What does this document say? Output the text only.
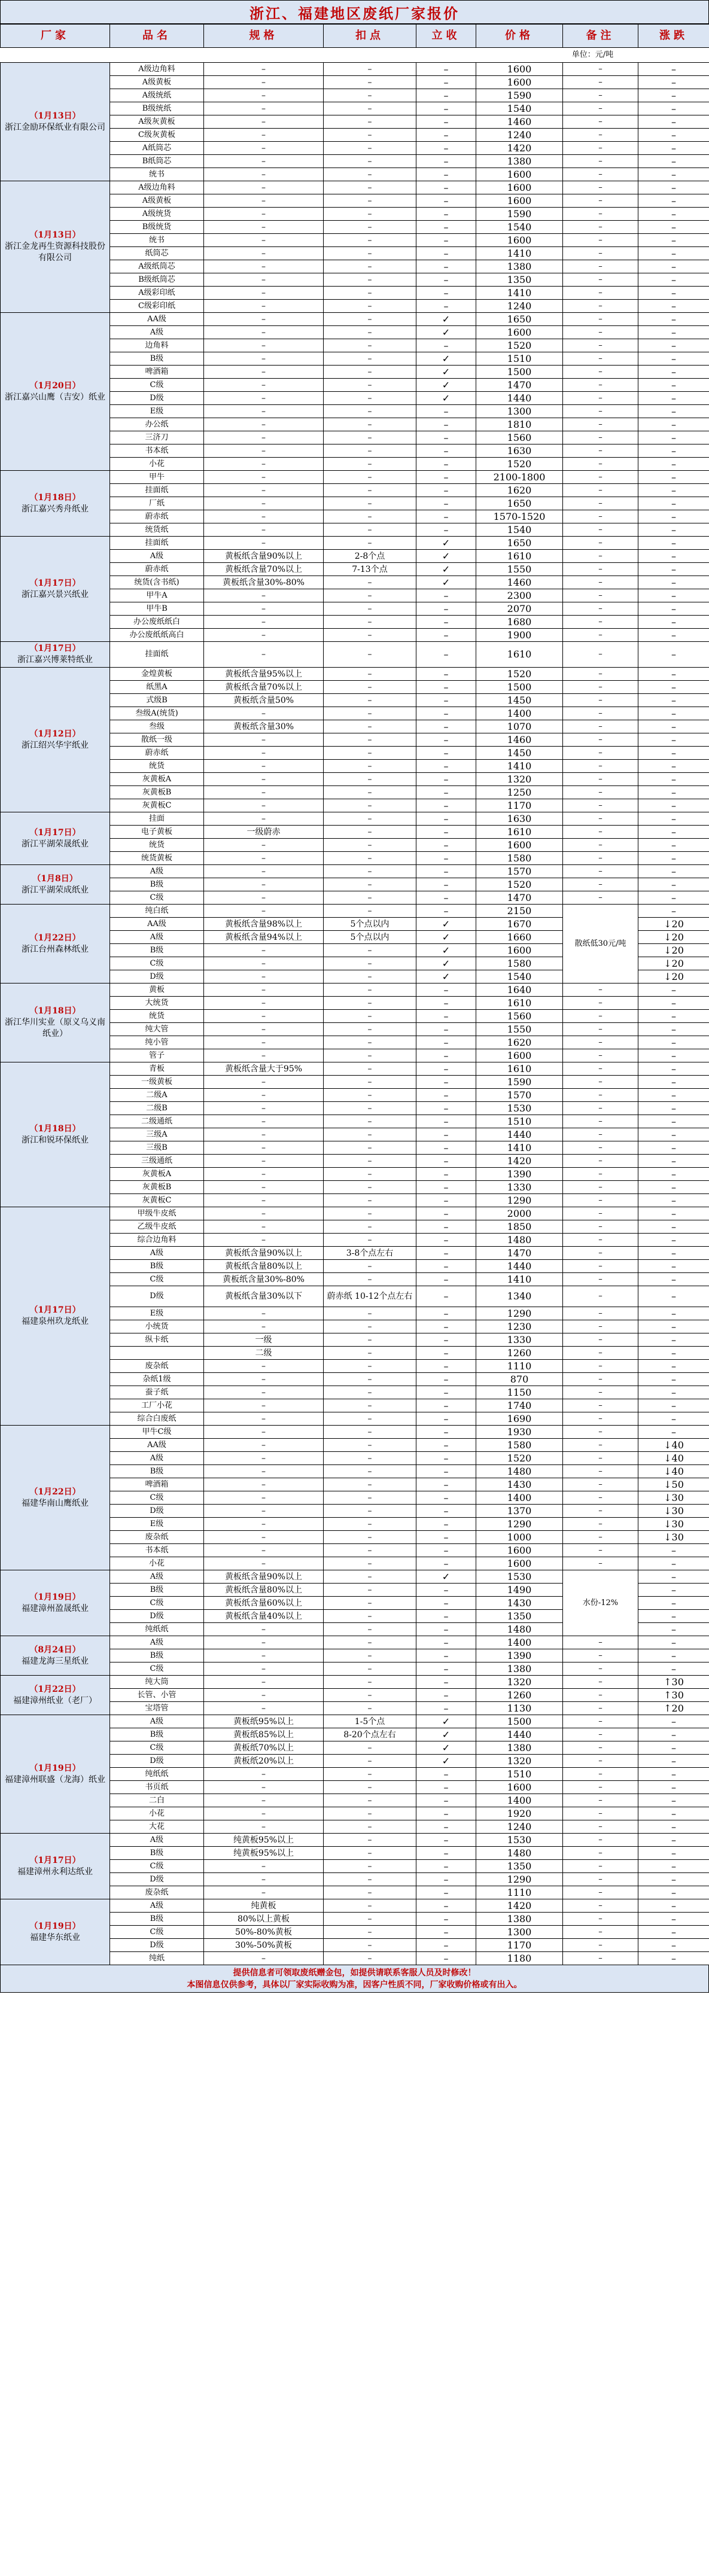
浙江、福建地区废纸厂家报价
厂家	品名	规格	扣点	立收	价格	备注	涨跌
					单位：元/吨		

（1月13日）
浙江金励环保纸业有限公司	A级边角料	–	–	–	1600	–	–
	A级黄板	–	–	–	1600	–	–
	A级统纸	–	–	–	1590	–	–
	B级统纸	–	–	–	1540	–	–
	A级灰黄板	–	–	–	1460	–	–
	C级灰黄板	–	–	–	1240	–	–
	A纸筒芯	–	–	–	1420	–	–
	B纸筒芯	–	–	–	1380	–	–
	统书	–	–	–	1600	–	–

（1月13日）
浙江金龙再生资源科技股份有限公司	A级边角料	–	–	–	1600	–	–
	A级黄板	–	–	–	1600	–	–
	A级统货	–	–	–	1590	–	–
	B级统货	–	–	–	1540	–	–
	统书	–	–	–	1600	–	–
	纸筒芯	–	–	–	1410	–	–
	A级纸筒芯	–	–	–	1380	–	–
	B级纸筒芯	–	–	–	1350	–	–
	A级彩印纸	–	–	–	1410	–	–
	C级彩印纸	–	–	–	1240	–	–

（1月20日）
浙江嘉兴山鹰（吉安）纸业	AA级	–	–	✓	1650	–	–
	A级	–	–	✓	1600	–	–
	边角料	–	–	–	1520	–	–
	B级	–	–	✓	1510	–	–
	啤酒箱	–	–	✓	1500	–	–
	C级	–	–	✓	1470	–	–
	D级	–	–	✓	1440	–	–
	E级	–	–	–	1300	–	–
	办公纸	–	–	–	1810	–	–
	三济刀	–	–	–	1560	–	–
	书本纸	–	–	–	1630	–	–
	小花	–	–	–	1520	–	–

（1月18日）
浙江嘉兴秀舟纸业	甲牛	–	–	–	2100-1800	–	–
	挂面纸	–	–	–	1620	–	–
	厂纸	–	–	–	1650	–	–
	蔚赤纸	–	–	–	1570-1520	–	–
	统货纸	–	–	–	1540	–	–

（1月17日）
浙江嘉兴景兴纸业	挂面纸	–	–	✓	1650	–	–
	A级	黄板纸含量90%以上	2-8个点	✓	1610	–	–
	蔚赤纸	黄板纸含量70%以上	7-13个点	✓	1550	–	–
	统货(含书纸)	黄板纸含量30%-80%	–	✓	1460	–	–
	甲牛A	–	–	–	2300	–	–
	甲牛B	–	–	–	2070	–	–
	办公废纸纸白	–	–	–	1680	–	–
	办公废纸纸高白	–	–	–	1900	–	–

（1月17日）
浙江嘉兴博莱特纸业	挂面纸	–	–	–	1610	–	–

（1月12日）
浙江绍兴华宇纸业	金煌黄板	黄板纸含量95%以上	–	–	1520	–	–
	纸黑A	黄板纸含量70%以上	–	–	1500	–	–
	式级B	黄板纸含量50%	–	–	1450	–	–
	叁级A(统货)	–	–	–	1400	–	–
	叁级	黄板纸含量30%	–	–	1070	–	–
	散纸一级	–	–	–	1460	–	–
	蔚赤纸	–	–	–	1450	–	–
	统货	–	–	–	1410	–	–
	灰黄板A	–	–	–	1320	–	–
	灰黄板B	–	–	–	1250	–	–
	灰黄板C	–	–	–	1170	–	–

（1月17日）
浙江平湖荣晟纸业	挂面	–	–	–	1630	–	–
	电子黄板	一级蔚赤	–	–	1610	–	–
	统货	–	–	–	1600	–	–
	统货黄板	–	–	–	1580	–	–

（1月8日）
浙江平湖荣成纸业	A级	–	–	–	1570	–	–
	B级	–	–	–	1520	–	–
	C级	–	–	–	1470	–	–

（1月22日）
浙江台州森林纸业	纯白纸	–	–	–	2150	散纸低30元/吨	–
	AA级	黄板纸含量98%以上	5个点以内	✓	1670		↓20
	A级	黄板纸含量94%以上	5个点以内	✓	1660		↓20
	B级	–	–	✓	1600		↓20
	C级	–	–	✓	1580		↓20
	D级	–	–	✓	1540		↓20

（1月18日）
浙江华川实业（原义乌义南纸业）	黄板	–	–	–	1640	–	–
	大统货	–	–	–	1610	–	–
	统货	–	–	–	1560	–	–
	纯大管	–	–	–	1550	–	–
	纯小管	–	–	–	1620	–	–
	管子	–	–	–	1600	–	–

（1月18日）
浙江和锐环保纸业	青板	黄板纸含量大于95%	–	–	1610	–	–
	一级黄板	–	–	–	1590	–	–
	二级A	–	–	–	1570	–	–
	二级B	–	–	–	1530	–	–
	二级通纸	–	–	–	1510	–	–
	三级A	–	–	–	1440	–	–
	三级B	–	–	–	1410	–	–
	三级通纸	–	–	–	1420	–	–
	灰黄板A	–	–	–	1390	–	–
	灰黄板B	–	–	–	1330	–	–
	灰黄板C	–	–	–	1290	–	–

（1月17日）
福建泉州玖龙纸业	甲级牛皮纸	–	–	–	2000	–	–
	乙级牛皮纸	–	–	–	1850	–	–
	综合边角料	–	–	–	1480	–	–
	A级	黄板纸含量90%以上	3-8个点左右	–	1470	–	–
	B级	黄板纸含量80%以上	–	–	1440	–	–
	C级	黄板纸含量30%-80%	–	–	1410	–	–
	D级	黄板纸含量30%以下	蔚赤纸 10-12个点左右	–	1340	–	–
	E级	–	–	–	1290	–	–
	小统货	–	–	–	1230	–	–
	纵卡纸	一级	–	–	1330	–	–
		二级	–	–	1260	–	–
	废杂纸	–	–	–	1110	–	–
	杂纸1级	–	–	–	870	–	–
	蚕子纸	–	–	–	1150	–	–
	工厂小花	–	–	–	1740	–	–
	综合白废纸	–	–	–	1690	–	–

（1月22日）
福建华南山鹰纸业	甲牛C级	–	–	–	1930	–	–
	AA级	–	–	–	1580	–	↓40
	A级	–	–	–	1520	–	↓40
	B级	–	–	–	1480	–	↓40
	啤酒箱	–	–	–	1430	–	↓50
	C级	–	–	–	1400	–	↓30
	D级	–	–	–	1370	–	↓30
	E级	–	–	–	1290	–	↓30
	废杂纸	–	–	–	1000	–	↓30
	书本纸	–	–	–	1600	–	–
	小花	–	–	–	1600	–	–

（1月19日）
福建漳州盈晟纸业	A级	黄板纸含量90%以上	–	✓	1530	水份-12%	–
	B级	黄板纸含量80%以上	–	–	1490		–
	C级	黄板纸含量60%以上	–	–	1430		–
	D级	黄板纸含量40%以上	–	–	1350		–
	纯纸纸	–	–	–	1480		–

（8月24日）
福建龙海三星纸业	A级	–	–	–	1400	–	–
	B级	–	–	–	1390	–	–
	C级	–	–	–	1380	–	–

（1月22日）
福建漳州纸业（老厂）	纯大筒	–	–	–	1320	–	↑30
	长管、小管	–	–	–	1260	–	↑30
	宝塔管	–	–	–	1130	–	↑20

（1月19日）
福建漳州联盛（龙海）纸业	A级	黄板纸95%以上	1-5个点	✓	1500	–	–
	B级	黄板纸85%以上	8-20个点左右	✓	1440	–	–
	C级	黄板纸70%以上	–	✓	1380	–	–
	D级	黄板纸20%以上	–	✓	1320	–	–
	纯纸纸	–	–	–	1510	–	–
	书页纸	–	–	–	1600	–	–
	二白	–	–	–	1400	–	–
	小花	–	–	–	1920	–	–
	大花	–	–	–	1240	–	–

（1月17日）
福建漳州永利达纸业	A级	纯黄板95%以上	–	–	1530	–	–
	B级	纯黄板95%以上	–	–	1480	–	–
	C级	–	–	–	1350	–	–
	D级	–	–	–	1290	–	–
	废杂纸	–	–	–	1110	–	–

（1月19日）
福建华东纸业	A级	纯黄板	–	–	1420	–	–
	B级	80%以上黄板	–	–	1380	–	–
	C级	50%-80%黄板	–	–	1300	–	–
	D级	30%-50%黄板	–	–	1170	–	–
	纯纸	–	–	–	1180	–	–
提供信息者可领取废纸赠金包，如提供请联系客服人员及时修改！
本图信息仅供参考，具体以厂家实际收购为准，因客户性质不同，厂家收购价格或有出入。
